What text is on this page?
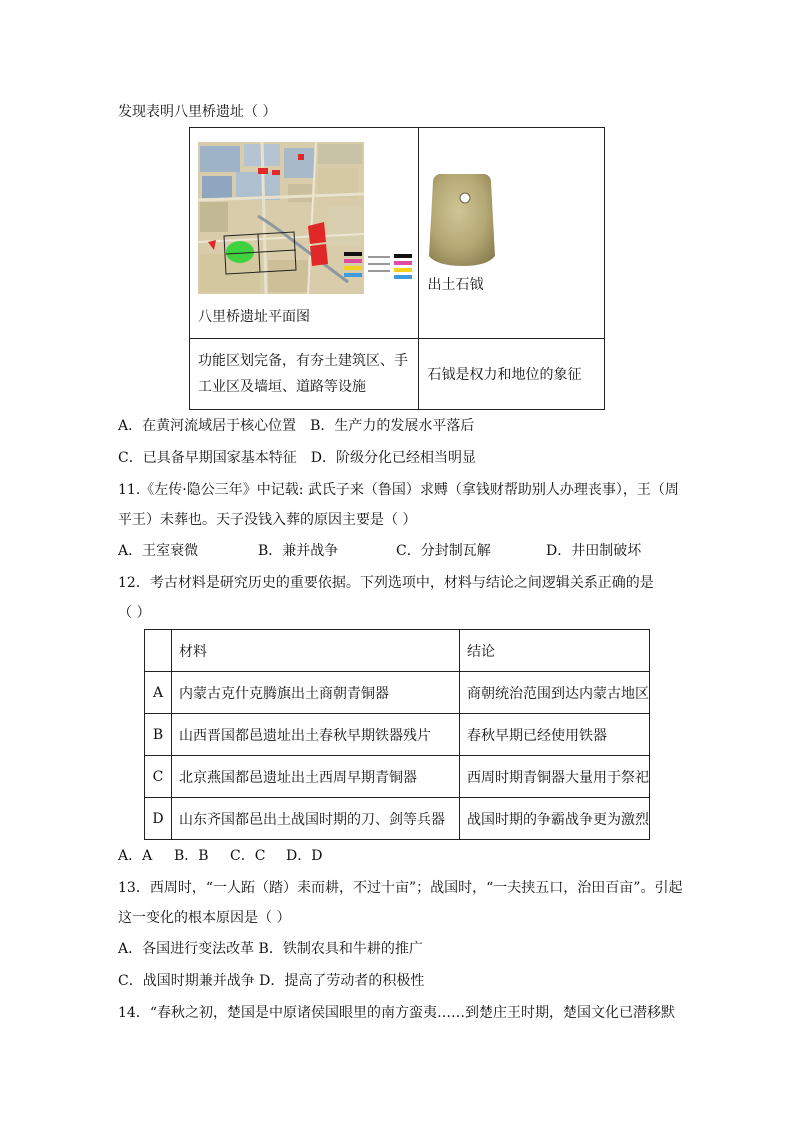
发现表明八里桥遗址（ ）
八里桥遗址平面图	出土石钺

功能区划完备，有夯土建筑区、手
工业区及墙垣、道路等设施	石钺是权力和地位的象征
A．在黄河流域居于核心位置 B．生产力的发展水平落后
C．已具备早期国家基本特征 D．阶级分化已经相当明显
11.《左传·隐公三年》中记载: 武氏子来（鲁国）求赙（拿钱财帮助别人办理丧事），王（周
平王）未葬也。天子没钱入葬的原因主要是（ ）
A．王室衰微	B．兼并战争	C．分封制瓦解	D．井田制破坏
12．考古材料是研究历史的重要依据。下列选项中，材料与结论之间逻辑关系正确的是
（ ）
	材料	结论
A	内蒙古克什克腾旗出土商朝青铜器	商朝统治范围到达内蒙古地区
B	山西晋国都邑遗址出土春秋早期铁器残片	春秋早期已经使用铁器
C	北京燕国都邑遗址出土西周早期青铜器	西周时期青铜器大量用于祭祀
D	山东齐国都邑出土战国时期的刀、剑等兵器	战国时期的争霸战争更为激烈
A．A B．B C．C D．D
13．西周时，“一人跖（踏）耒而耕，不过十亩”；战国时，“一夫挟五口，治田百亩”。引起
这一变化的根本原因是（ ）
A．各国进行变法改革 B．铁制农具和牛耕的推广
C．战国时期兼并战争 D．提高了劳动者的积极性
14．“春秋之初，楚国是中原诸侯国眼里的南方蛮夷……到楚庄王时期，楚国文化已潜移默
